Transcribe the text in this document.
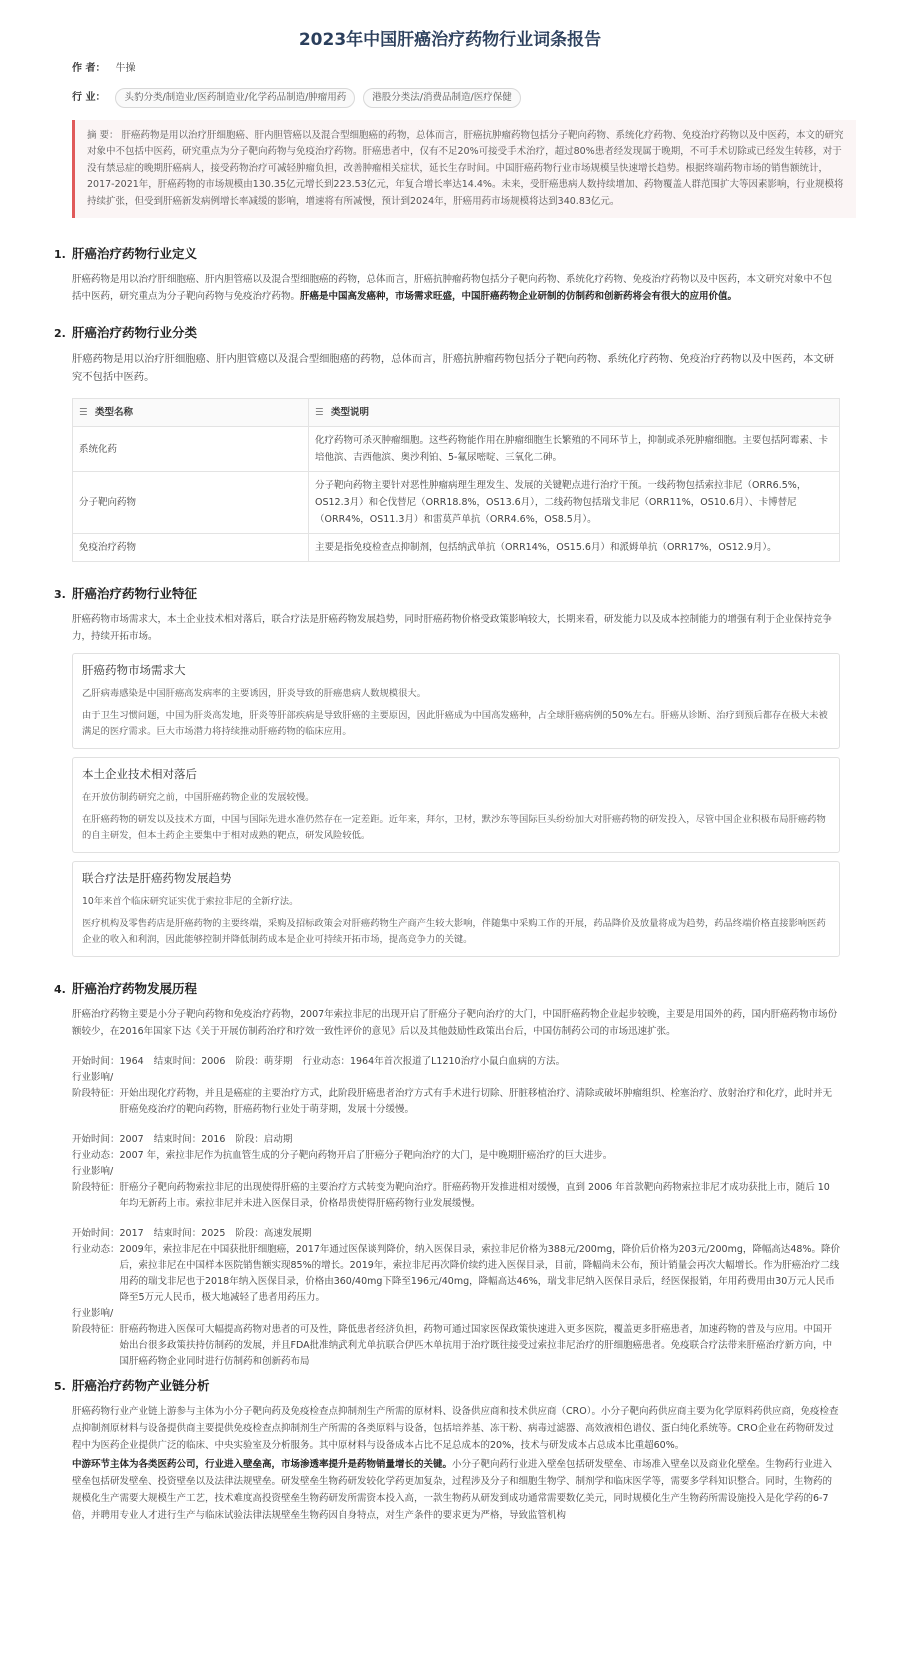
2023年中国肝癌治疗药物行业词条报告
作 者： 牛操
行 业：	头豹分类/制造业/医药制造业/化学药品制造/肿瘤用药	港股分类法/消费品制造/医疗保健
摘 要： 肝癌药物是用以治疗肝细胞癌、肝内胆管癌以及混合型细胞癌的药物，总体而言，肝癌抗肿瘤药物包括分子靶向药物、系统化疗药物、免疫治疗药物以及中医药，本文的研究对象中不包括中医药，研究重点为分子靶向药物与免疫治疗药物。肝癌患者中，仅有不足20%可接受手术治疗，超过80%患者经发现属于晚期，不可手术切除或已经发生转移，对于没有禁忌症的晚期肝癌病人，接受药物治疗可减轻肿瘤负担，改善肿瘤相关症状，延长生存时间。中国肝癌药物行业市场规模呈快速增长趋势。根据终端药物市场的销售额统计，2017-2021年，肝癌药物的市场规模由130.35亿元增长到223.53亿元，年复合增长率达14.4%。未来，受肝癌患病人数持续增加、药物覆盖人群范围扩大等因素影响，行业规模将持续扩张，但受到肝癌新发病例增长率减缓的影响，增速将有所减慢，预计到2024年，肝癌用药市场规模将达到340.83亿元。
1. 肝癌治疗药物行业定义
肝癌药物是用以治疗肝细胞癌、肝内胆管癌以及混合型细胞癌的药物，总体而言，肝癌抗肿瘤药物包括分子靶向药物、系统化疗药物、免疫治疗药物以及中医药，本文研究对象中不包括中医药，研究重点为分子靶向药物与免疫治疗药物。肝癌是中国高发癌种，市场需求旺盛，中国肝癌药物企业研制的仿制药和创新药将会有很大的应用价值。
2. 肝癌治疗药物行业分类
肝癌药物是用以治疗肝细胞癌、肝内胆管癌以及混合型细胞癌的药物，总体而言，肝癌抗肿瘤药物包括分子靶向药物、系统化疗药物、免疫治疗药物以及中医药，本文研究不包括中医药。
☰ 类型名称	☰ 类型说明
系统化药	化疗药物可杀灭肿瘤细胞。这些药物能作用在肿瘤细胞生长繁殖的不同环节上，抑制或杀死肿瘤细胞。主要包括阿霉素、卡培他滨、吉西他滨、奥沙利铂、5-氟尿嘧啶、三氧化二砷。
分子靶向药物	分子靶向药物主要针对恶性肿瘤病理生理发生、发展的关键靶点进行治疗干预。一线药物包括索拉非尼（ORR6.5%，OS12.3月）和仑伐替尼（ORR18.8%，OS13.6月），二线药物包括瑞戈非尼（ORR11%，OS10.6月）、卡博替尼（ORR4%，OS11.3月）和雷莫芦单抗（ORR4.6%，OS8.5月）。
免疫治疗药物	主要是指免疫检查点抑制剂，包括纳武单抗（ORR14%，OS15.6月）和派姆单抗（ORR17%，OS12.9月）。
3. 肝癌治疗药物行业特征
肝癌药物市场需求大，本土企业技术相对落后，联合疗法是肝癌药物发展趋势，同时肝癌药物价格受政策影响较大，长期来看，研发能力以及成本控制能力的增强有利于企业保持竞争力，持续开拓市场。
肝癌药物市场需求大

乙肝病毒感染是中国肝癌高发病率的主要诱因，肝炎导致的肝癌患病人数规模很大。

由于卫生习惯问题，中国为肝炎高发地，肝炎等肝部疾病是导致肝癌的主要原因，因此肝癌成为中国高发癌种，占全球肝癌病例的50%左右。肝癌从诊断、治疗到预后都存在极大未被满足的医疗需求。巨大市场潜力将持续推动肝癌药物的临床应用。

本土企业技术相对落后

在开放仿制药研究之前，中国肝癌药物企业的发展较慢。

在肝癌药物的研发以及技术方面，中国与国际先进水准仍然存在一定差距。近年来，拜尔，卫材，默沙东等国际巨头纷纷加大对肝癌药物的研发投入，尽管中国企业积极布局肝癌药物的自主研发，但本土药企主要集中于相对成熟的靶点，研发风险较低。

联合疗法是肝癌药物发展趋势

10年来首个临床研究证实优于索拉非尼的全新疗法。

医疗机构及零售药店是肝癌药物的主要终端，采购及招标政策会对肝癌药物生产商产生较大影响，伴随集中采购工作的开展，药品降价及放量将成为趋势，药品终端价格直接影响医药企业的收入和利润，因此能够控制并降低制药成本是企业可持续开拓市场，提高竞争力的关键。

4. 肝癌治疗药物发展历程
肝癌治疗药物主要是小分子靶向药物和免疫治疗药物，2007年索拉非尼的出现开启了肝癌分子靶向治疗的大门，中国肝癌药物企业起步较晚，主要是用国外的药，国内肝癌药物市场份额较少，在2016年国家下达《关于开展仿制药治疗和疗效一致性评价的意见》后以及其他鼓励性政策出台后，中国仿制药公司的市场迅速扩张。
开始时间： 1964 结束时间： 2006 阶段： 萌芽期 行业动态： 1964年首次报道了L1210治疗小鼠白血病的方法。
行业影响/
阶段特征： 开始出现化疗药物，并且是癌症的主要治疗方式，此阶段肝癌患者治疗方式有手术进行切除、肝脏移植治疗、清除或破坏肿瘤组织、栓塞治疗、放射治疗和化疗，此时并无肝癌免疫治疗的靶向药物，肝癌药物行业处于萌芽期，发展十分缓慢。
开始时间： 2007 结束时间： 2016 阶段： 启动期
行业动态： 2007 年，索拉非尼作为抗血管生成的分子靶向药物开启了肝癌分子靶向治疗的大门，是中晚期肝癌治疗的巨大进步。
行业影响/
阶段特征： 肝癌分子靶向药物索拉非尼的出现使得肝癌的主要治疗方式转变为靶向治疗。肝癌药物开发推进相对缓慢，直到 2006 年首款靶向药物索拉非尼才成功获批上市，随后 10 年均无新药上市。索拉非尼并未进入医保目录，价格昂贵使得肝癌药物行业发展缓慢。
开始时间： 2017 结束时间： 2025 阶段： 高速发展期
行业动态： 2009年，索拉非尼在中国获批肝细胞癌，2017年通过医保谈判降价，纳入医保目录，索拉非尼价格为388元/200mg，降价后价格为203元/200mg，降幅高达48%。降价后，索拉非尼在中国样本医院销售额实现85%的增长。2019年，索拉非尼再次降价续约进入医保目录，目前，降幅尚未公布，预计销量会再次大幅增长。作为肝癌治疗二线用药的瑞戈非尼也于2018年纳入医保目录，价格由360/40mg下降至196元/40mg，降幅高达46%，瑞戈非尼纳入医保目录后，经医保报销，年用药费用由30万元人民币降至5万元人民币，极大地减轻了患者用药压力。
行业影响/
阶段特征： 肝癌药物进入医保可大幅提高药物对患者的可及性，降低患者经济负担，药物可通过国家医保政策快速进入更多医院，覆盖更多肝癌患者，加速药物的普及与应用。中国开始出台很多政策扶持仿制药的发展，并且FDA批准纳武利尤单抗联合伊匹木单抗用于治疗既往接受过索拉非尼治疗的肝细胞癌患者。免疫联合疗法带来肝癌治疗新方向，中国肝癌药物企业同时进行仿制药和创新药布局
5. 肝癌治疗药物产业链分析
肝癌药物行业产业链上游参与主体为小分子靶向药及免疫检查点抑制剂生产所需的原材料、设备供应商和技术供应商（CRO）。小分子靶向药供应商主要为化学原料药供应商，免疫检查点抑制剂原材料与设备提供商主要提供免疫检查点抑制剂生产所需的各类原料与设备，包括培养基、冻干粉、病毒过滤器、高效液相色谱仪、蛋白纯化系统等。CRO企业在药物研发过程中为医药企业提供广泛的临床、中央实验室及分析服务。其中原材料与设备成本占比不足总成本的20%，技术与研发成本占总成本比重超60%。
中游环节主体为各类医药公司，行业进入壁垒高，市场渗透率提升是药物销量增长的关键。小分子靶向药行业进入壁垒包括研发壁垒、市场准入壁垒以及商业化壁垒。生物药行业进入壁垒包括研发壁垒、投资壁垒以及法律法规壁垒。研发壁垒生物药研发较化学药更加复杂，过程涉及分子和细胞生物学、制剂学和临床医学等，需要多学科知识整合。同时，生物药的规模化生产需要大规模生产工艺，技术难度高投资壁垒生物药研发所需资本投入高，一款生物药从研发到成功通常需要数亿美元，同时规模化生产生物药所需设施投入是化学药的6-7倍，并聘用专业人才进行生产与临床试验法律法规壁垒生物药因自身特点，对生产条件的要求更为严格，导致监管机构
